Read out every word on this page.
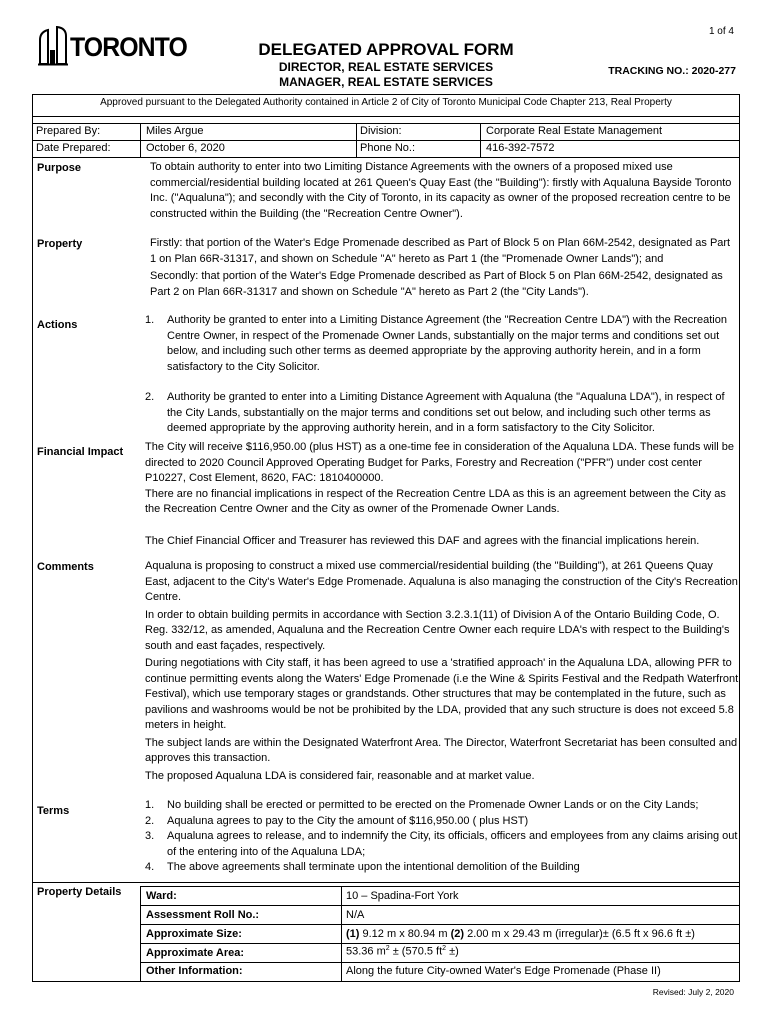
1 of 4
TORONTO	DELEGATED APPROVAL FORM
DIRECTOR, REAL ESTATE SERVICES
MANAGER, REAL ESTATE SERVICES
TRACKING NO.: 2020-277
Approved pursuant to the Delegated Authority contained in Article 2 of City of Toronto Municipal Code Chapter 213, Real Property
Prepared By:	Miles Argue	Division:	Corporate Real Estate Management
Date Prepared:	October 6, 2020	Phone No.:	416-392-7572
Purpose	To obtain authority to enter into two Limiting Distance Agreements with the owners of a proposed mixed use commercial/residential building located at 261 Queen's Quay East (the "Building"): firstly with Aqualuna Bayside Toronto Inc. ("Aqualuna"); and secondly with the City of Toronto, in its capacity as owner of the proposed recreation centre to be constructed within the Building (the "Recreation Centre Owner").
Property	Firstly: that portion of the Water's Edge Promenade described as Part of Block 5 on Plan 66M-2542, designated as Part 1 on Plan 66R-31317, and shown on Schedule "A" hereto as Part 1 (the "Promenade Owner Lands"); and

Secondly: that portion of the Water's Edge Promenade described as Part of Block 5 on Plan 66M-2542, designated as Part 2 on Plan 66R-31317 and shown on Schedule "A" hereto as Part 2 (the "City Lands").

Actions	1. Authority be granted to enter into a Limiting Distance Agreement (the "Recreation Centre LDA") with the Recreation Centre Owner, in respect of the Promenade Owner Lands, substantially on the major terms and conditions set out below, and including such other terms as deemed appropriate by the approving authority herein, and in a form satisfactory to the City Solicitor.
2. Authority be granted to enter into a Limiting Distance Agreement with Aqualuna (the "Aqualuna LDA"), in respect of the City Lands, substantially on the major terms and conditions set out below, and including such other terms as deemed appropriate by the approving authority herein, and in a form satisfactory to the City Solicitor.
Financial Impact The City will receive $116,950.00 (plus HST) as a one-time fee in consideration of the Aqualuna LDA. These funds will be directed to 2020 Council Approved Operating Budget for Parks, Forestry and Recreation ("PFR") under cost center P10227, Cost Element, 8620, FAC: 1810400000.

There are no financial implications in respect of the Recreation Centre LDA as this is an agreement between the City as the Recreation Centre Owner and the City as owner of the Promenade Owner Lands.

The Chief Financial Officer and Treasurer has reviewed this DAF and agrees with the financial implications herein.

Comments	Aqualuna is proposing to construct a mixed use commercial/residential building (the "Building"), at 261 Queens Quay East, adjacent to the City's Water's Edge Promenade. Aqualuna is also managing the construction of the City's Recreation Centre.

In order to obtain building permits in accordance with Section 3.2.3.1(11) of Division A of the Ontario Building Code, O. Reg. 332/12, as amended, Aqualuna and the Recreation Centre Owner each require LDA's with respect to the Building's south and east façades, respectively.

During negotiations with City staff, it has been agreed to use a 'stratified approach' in the Aqualuna LDA, allowing PFR to continue permitting events along the Waters' Edge Promenade (i.e the Wine & Spirits Festival and the Redpath Waterfront Festival), which use temporary stages or grandstands. Other structures that may be contemplated in the future, such as pavilions and washrooms would be not be prohibited by the LDA, provided that any such structure is does not exceed 5.8 meters in height.

The subject lands are within the Designated Waterfront Area. The Director, Waterfront Secretariat has been consulted and approves this transaction.

The proposed Aqualuna LDA is considered fair, reasonable and at market value.

Terms	1. No building shall be erected or permitted to be erected on the Promenade Owner Lands or on the City Lands;
2. Aqualuna agrees to pay to the City the amount of $116,950.00 ( plus HST)
3. Aqualuna agrees to release, and to indemnify the City, its officials, officers and employees from any claims arising out of the entering into of the Aqualuna LDA;
4. The above agreements shall terminate upon the intentional demolition of the Building
Property Details Ward:	10 – Spadina-Fort York
Assessment Roll No.:	N/A
Approximate Size:	(1) 9.12 m x 80.94 m (2) 2.00 m x 29.43 m (irregular)± (6.5 ft x 96.6 ft ±)
Approximate Area:	53.36 $m^2 \pm (570.5$ $ft^2$ ±)
Other Information:	Along the future City-owned Water's Edge Promenade (Phase II)
Revised: July 2, 2020
